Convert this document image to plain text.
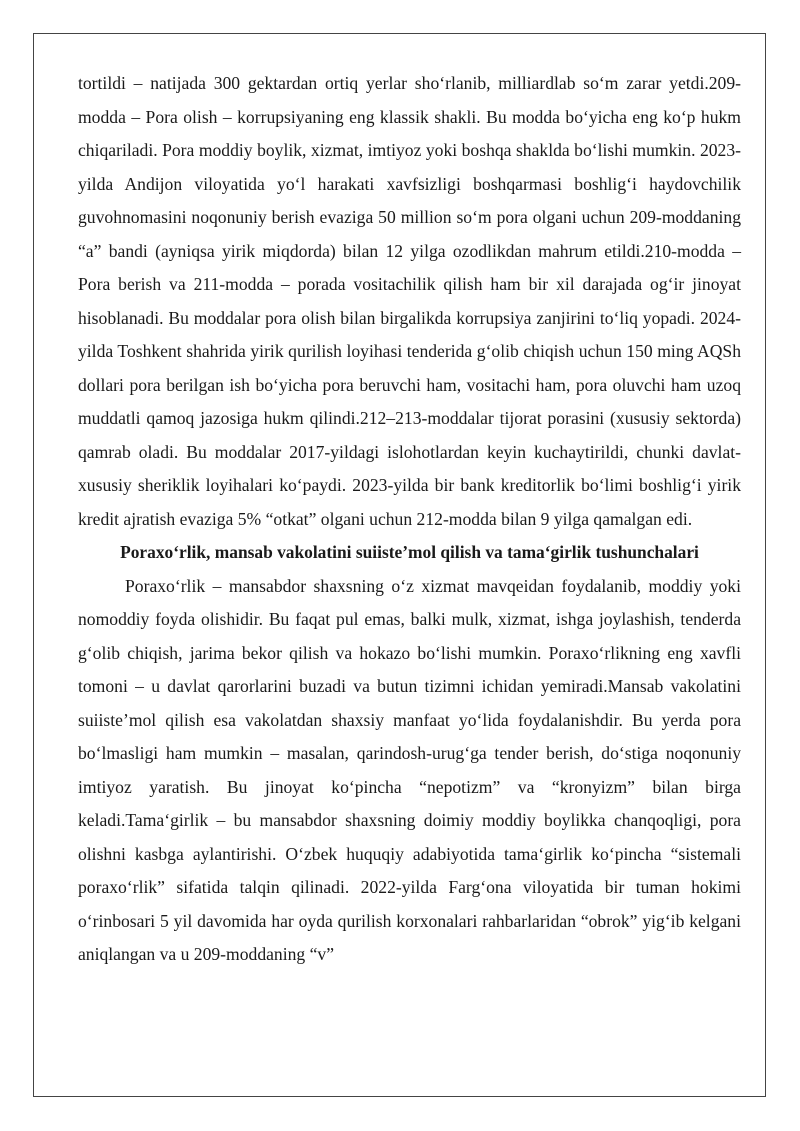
tortildi – natijada 300 gektardan ortiq yerlar sho‘rlanib, milliardlab so‘m zarar yetdi.209-modda – Pora olish – korrupsiyaning eng klassik shakli. Bu modda bo‘yicha eng ko‘p hukm chiqariladi. Pora moddiy boylik, xizmat, imtiyoz yoki boshqa shaklda bo‘lishi mumkin. 2023-yilda Andijon viloyatida yo‘l harakati xavfsizligi boshqarmasi boshlig‘i haydovchilik guvohnomasini noqonuniy berish evaziga 50 million so‘m pora olgani uchun 209-moddaning “a” bandi (ayniqsa yirik miqdorda) bilan 12 yilga ozodlikdan mahrum etildi.210-modda – Pora berish va 211-modda – porada vositachilik qilish ham bir xil darajada og‘ir jinoyat hisoblanadi. Bu moddalar pora olish bilan birgalikda korrupsiya zanjirini to‘liq yopadi. 2024-yilda Toshkent shahrida yirik qurilish loyihasi tenderida g‘olib chiqish uchun 150 ming AQSh dollari pora berilgan ish bo‘yicha pora beruvchi ham, vositachi ham, pora oluvchi ham uzoq muddatli qamoq jazosiga hukm qilindi.212–213-moddalar tijorat porasini (xususiy sektorda) qamrab oladi. Bu moddalar 2017-yildagi islohotlardan keyin kuchaytirildi, chunki davlat-xususiy sheriklik loyihalari ko‘paydi. 2023-yilda bir bank kreditorlik bo‘limi boshlig‘i yirik kredit ajratish evaziga 5% “otkat” olgani uchun 212-modda bilan 9 yilga qamalgan edi.

Poraxo‘rlik, mansab vakolatini suiiste’mol qilish va tama‘girlik tushunchalari

Poraxo‘rlik – mansabdor shaxsning o‘z xizmat mavqeidan foydalanib, moddiy yoki nomoddiy foyda olishidir. Bu faqat pul emas, balki mulk, xizmat, ishga joylashish, tenderda g‘olib chiqish, jarima bekor qilish va hokazo bo‘lishi mumkin. Poraxo‘rlikning eng xavfli tomoni – u davlat qarorlarini buzadi va butun tizimni ichidan yemiradi.Mansab vakolatini suiiste’mol qilish esa vakolatdan shaxsiy manfaat yo‘lida foydalanishdir. Bu yerda pora bo‘lmasligi ham mumkin – masalan, qarindosh-urug‘ga tender berish, do‘stiga noqonuniy imtiyoz yaratish. Bu jinoyat ko‘pincha “nepotizm” va “kronyizm” bilan birga keladi.Tama‘girlik – bu mansabdor shaxsning doimiy moddiy boylikka chanqoqligi, pora olishni kasbga aylantirishi. O‘zbek huquqiy adabiyotida tama‘girlik ko‘pincha “sistemali poraxo‘rlik” sifatida talqin qilinadi. 2022-yilda Farg‘ona viloyatida bir tuman hokimi o‘rinbosari 5 yil davomida har oyda qurilish korxonalari rahbarlaridan “obrok” yig‘ib kelgani aniqlangan va u 209-moddaning “v”
